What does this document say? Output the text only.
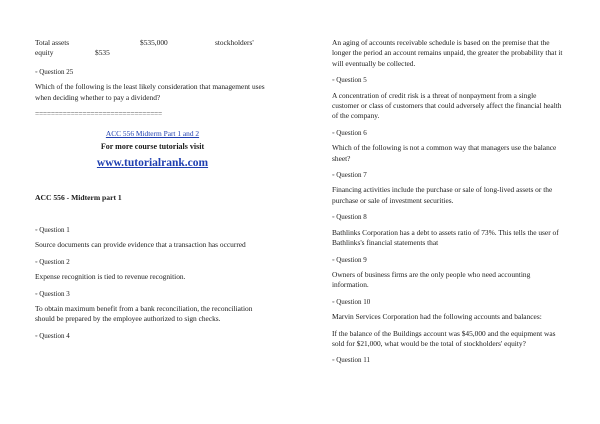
Total assets	$535,000	stockholders'
equity	$535
◦ Question 25

Which of the following is the least likely consideration that management uses when deciding whether to pay a dividend?

================================
ACC 556 Midterm Part 1 and 2
For more course tutorials visit
www.tutorialrank.com
ACC 556 - Midterm part 1
◦ Question 1

Source documents can provide evidence that a transaction has occurred

◦ Question 2

Expense recognition is tied to revenue recognition.

◦ Question 3

To obtain maximum benefit from a bank reconciliation, the reconciliation should be prepared by the employee authorized to sign checks.

◦ Question 4

An aging of accounts receivable schedule is based on the premise that the longer the period an account remains unpaid, the greater the probability that it will eventually be collected.

◦ Question 5

A concentration of credit risk is a threat of nonpayment from a single customer or class of customers that could adversely affect the financial health of the company.

◦ Question 6

Which of the following is not a common way that managers use the balance sheet?

◦ Question 7

Financing activities include the purchase or sale of long-lived assets or the purchase or sale of investment securities.

◦ Question 8

Bathlinks Corporation has a debt to assets ratio of 73%. This tells the user of Bathlinks's financial statements that

◦ Question 9

Owners of business firms are the only people who need accounting information.

◦ Question 10

Marvin Services Corporation had the following accounts and balances:

If the balance of the Buildings account was $45,000 and the equipment was sold for $21,000, what would be the total of stockholders' equity?

◦ Question 11
